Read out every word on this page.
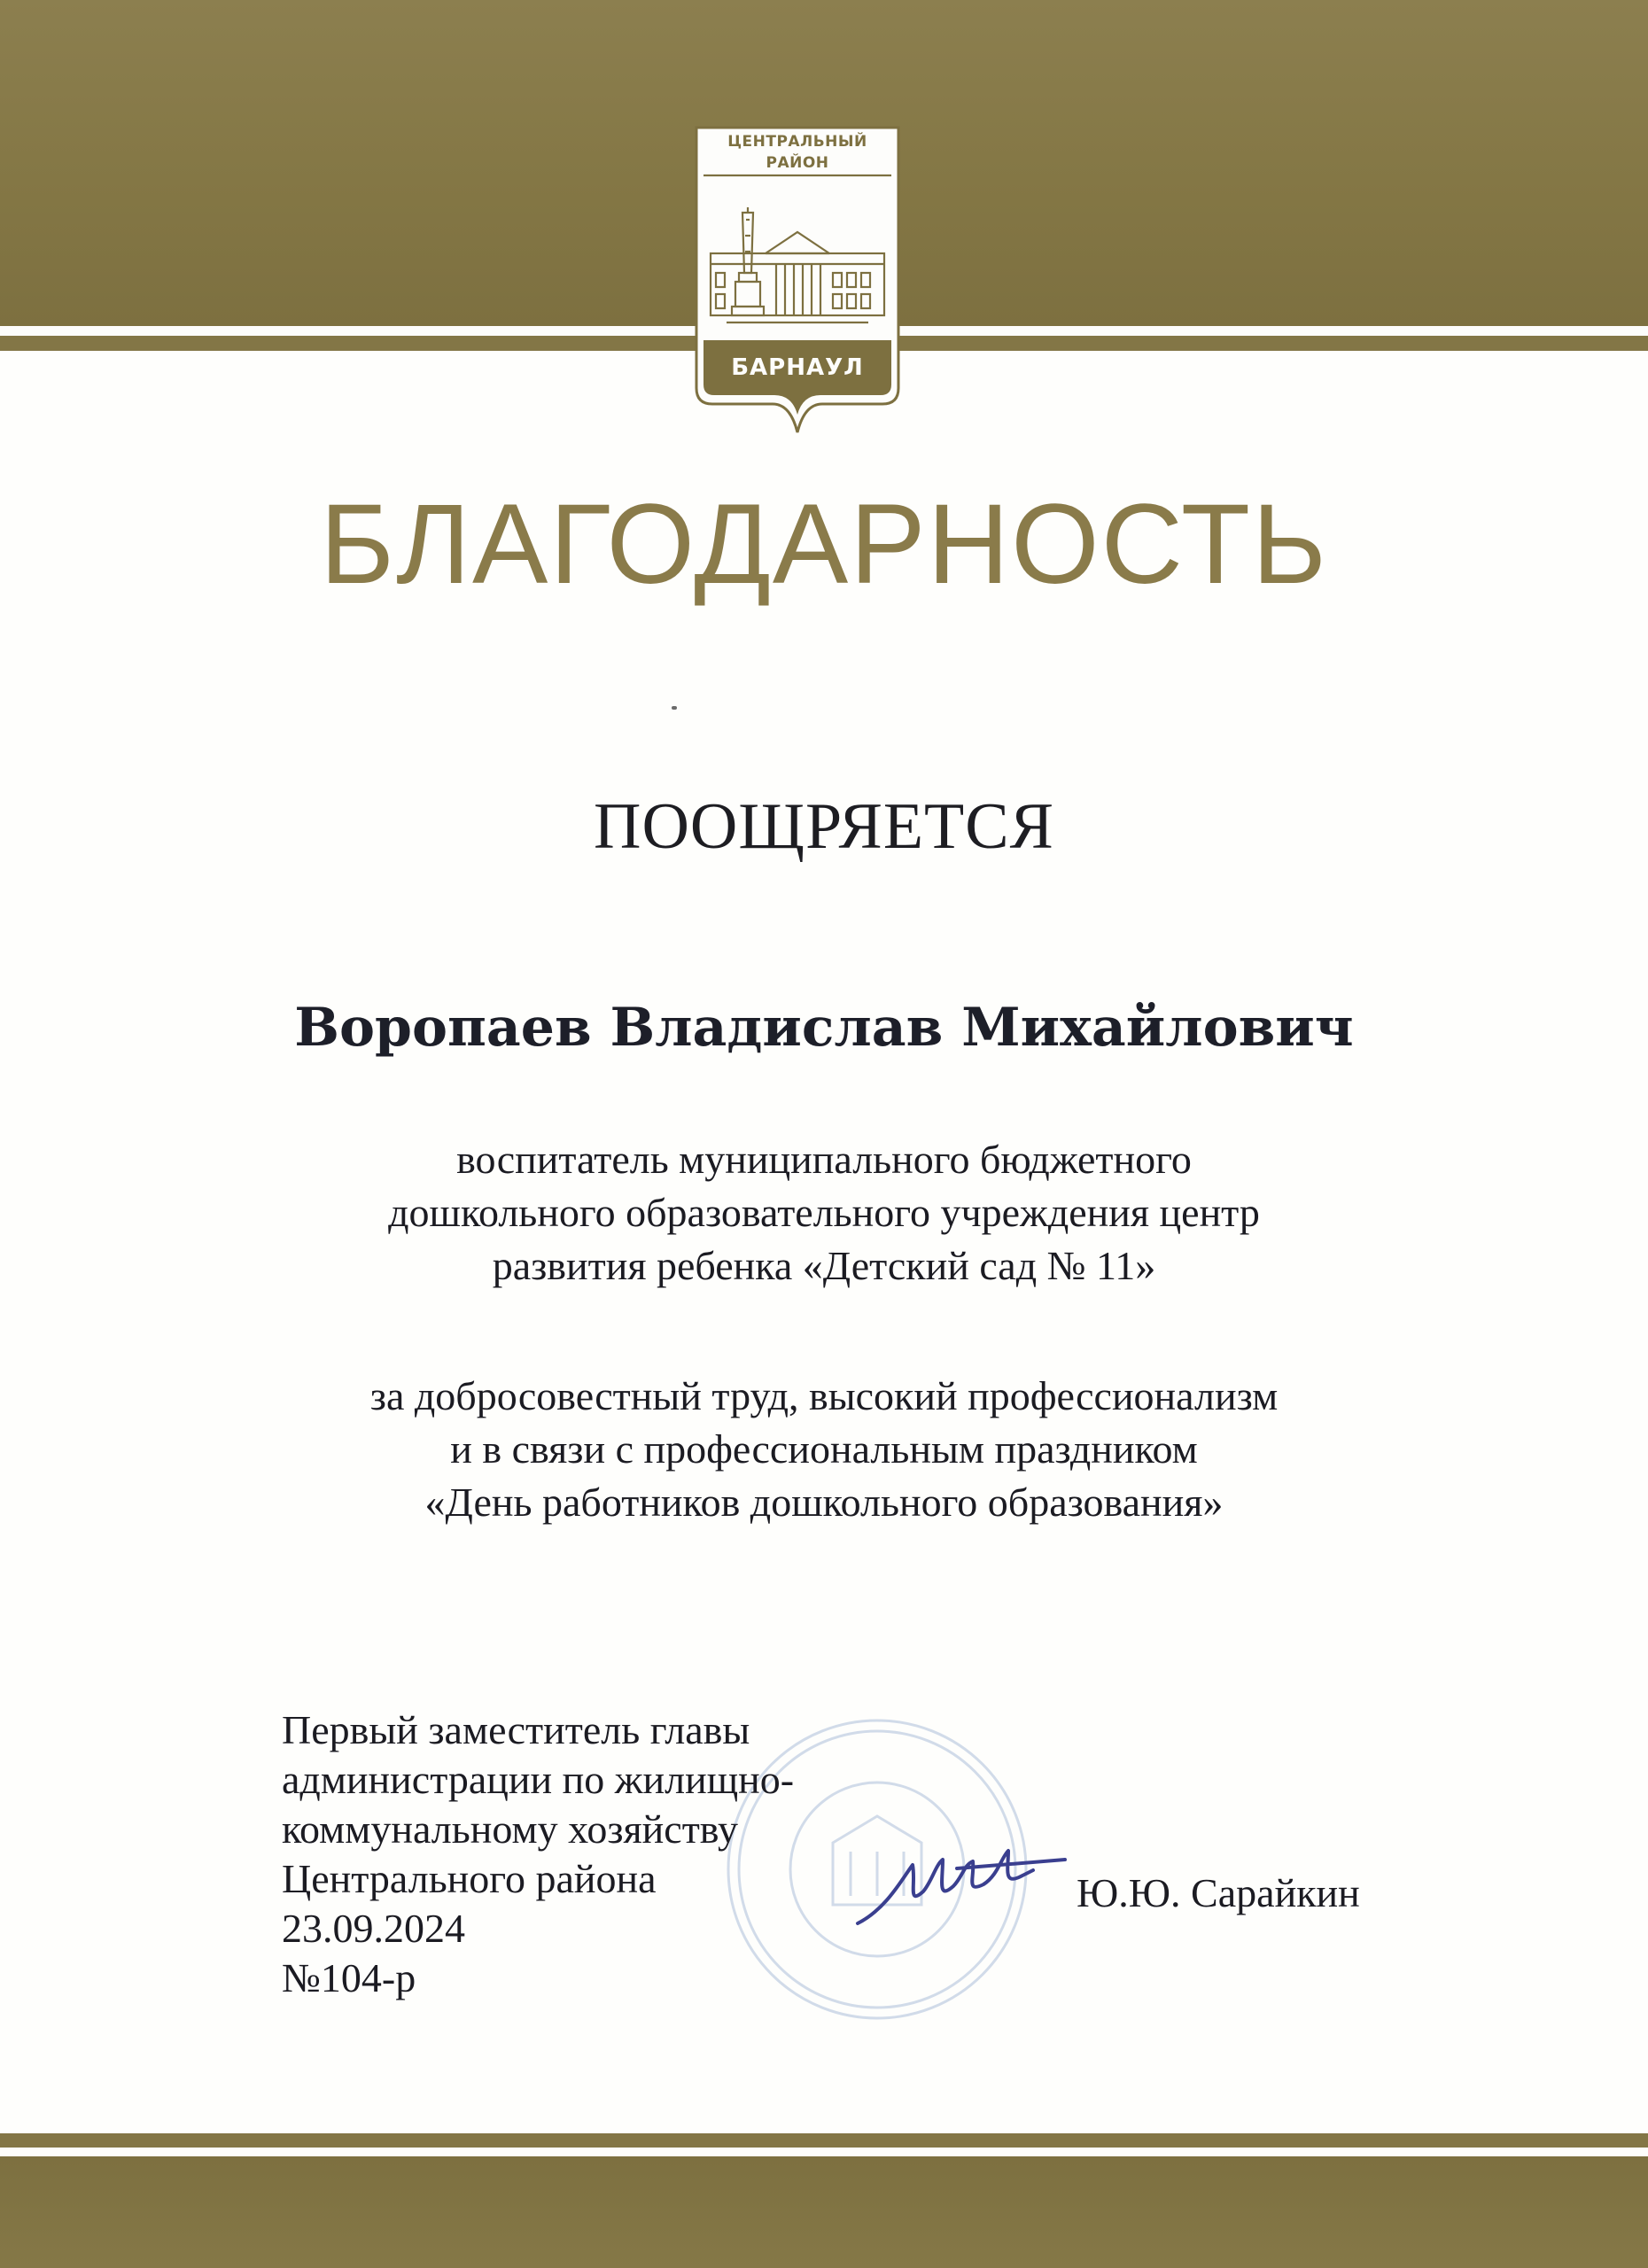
ЦЕНТРАЛЬНЫЙ
РАЙОН
БАРНАУЛ
БЛАГОДАРНОСТЬ
ПООЩРЯЕТСЯ
Воропаев Владислав Михайлович
воспитатель муниципального бюджетного
дошкольного образовательного учреждения центр
развития ребенка «Детский сад № 11»
за добросовестный труд, высокий профессионализм
и в связи с профессиональным праздником
«День работников дошкольного образования»
Первый заместитель главы
администрации по жилищно-
коммунальному хозяйству
Центрального района
23.09.2024
№104-р
Ю.Ю. Сарайкин
